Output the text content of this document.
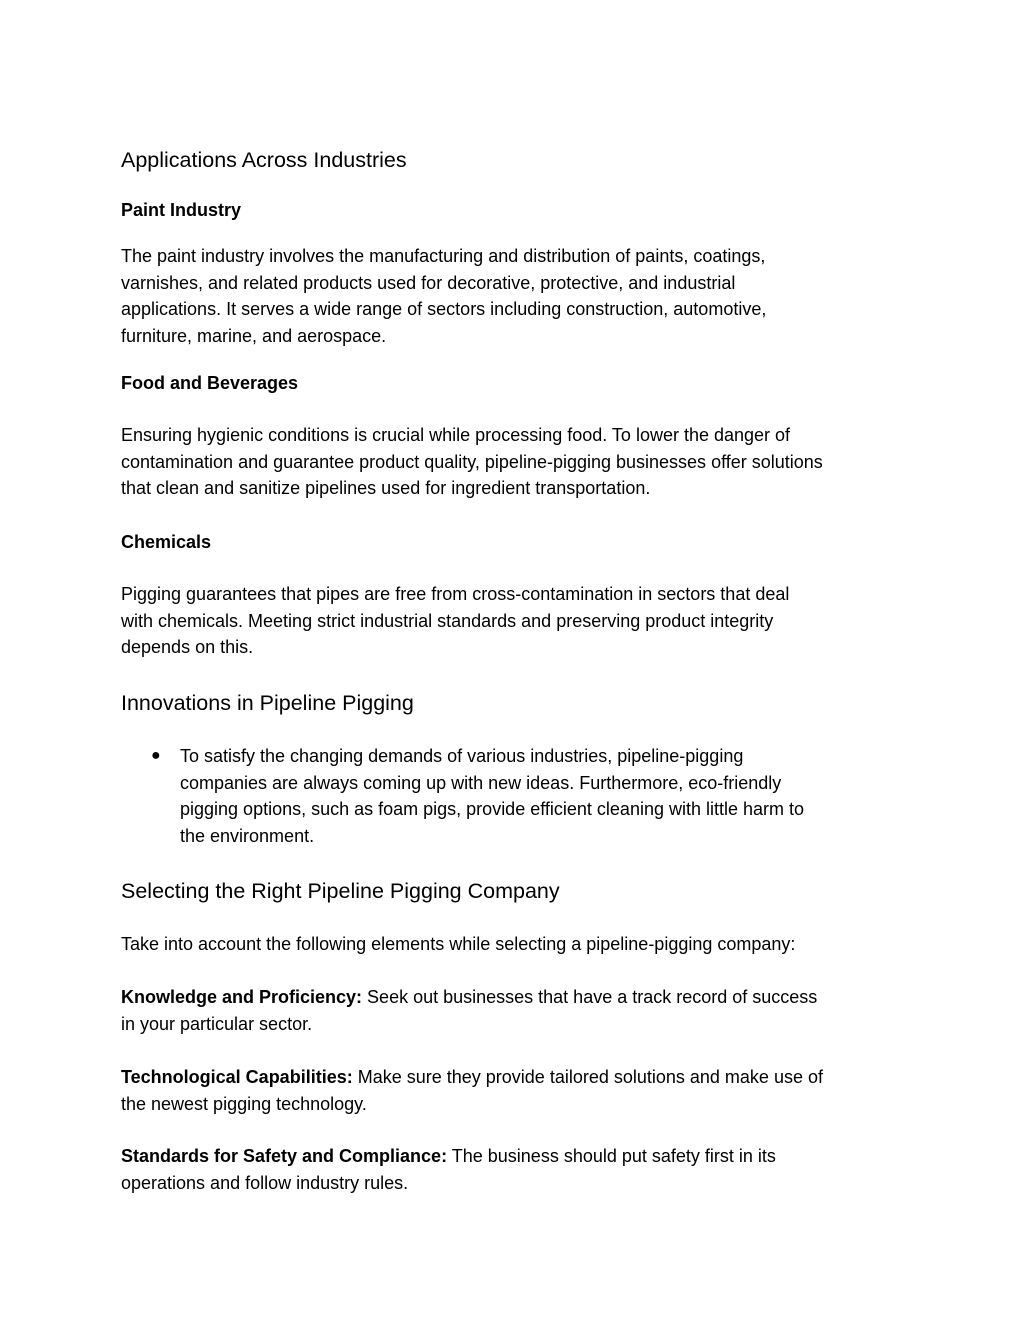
Applications Across Industries
Paint Industry

The paint industry involves the manufacturing and distribution of paints, coatings,
varnishes, and related products used for decorative, protective, and industrial
applications. It serves a wide range of sectors including construction, automotive,
furniture, marine, and aerospace.

Food and Beverages

Ensuring hygienic conditions is crucial while processing food. To lower the danger of
contamination and guarantee product quality, pipeline-pigging businesses offer solutions
that clean and sanitize pipelines used for ingredient transportation.

Chemicals

Pigging guarantees that pipes are free from cross-contamination in sectors that deal
with chemicals. Meeting strict industrial standards and preserving product integrity
depends on this.

Innovations in Pipeline Pigging
● To satisfy the changing demands of various industries, pipeline-pigging
companies are always coming up with new ideas. Furthermore, eco-friendly
pigging options, such as foam pigs, provide efficient cleaning with little harm to
the environment.
Selecting the Right Pipeline Pigging Company

Take into account the following elements while selecting a pipeline-pigging company:

Knowledge and Proficiency: Seek out businesses that have a track record of success
in your particular sector.

Technological Capabilities: Make sure they provide tailored solutions and make use of
the newest pigging technology.

Standards for Safety and Compliance: The business should put safety first in its
operations and follow industry rules.
